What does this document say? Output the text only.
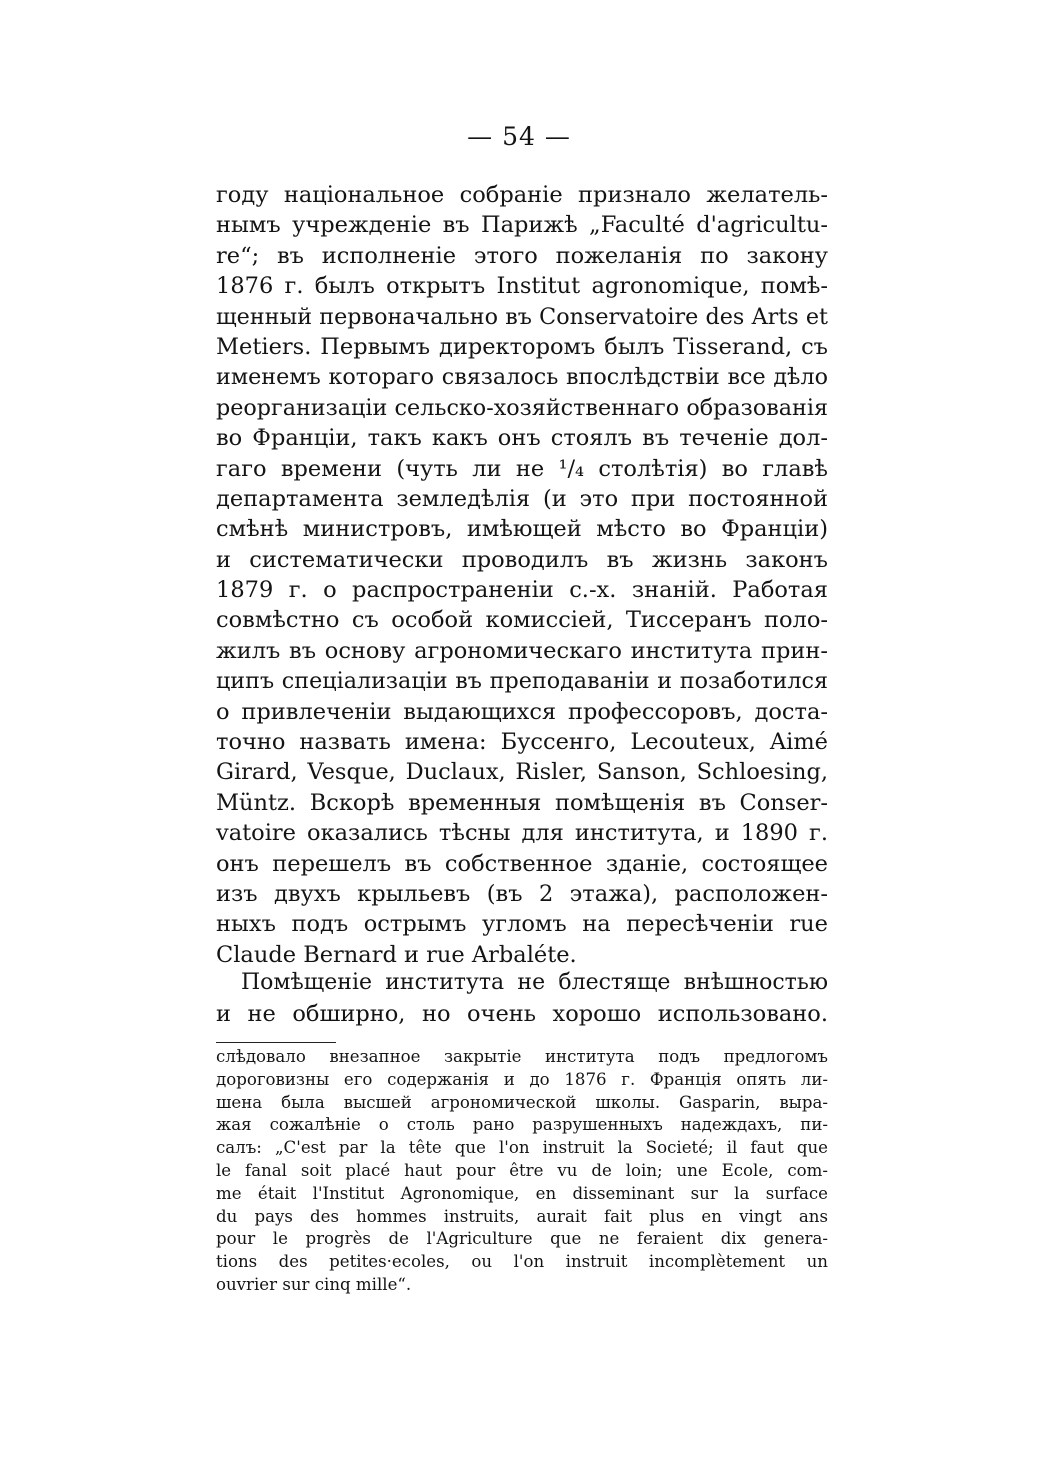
— 54 —
году національное собраніе признало желатель-
нымъ учрежденіе въ Парижѣ „Faculté d'agricultu-
re“; въ исполненіе этого пожеланія по закону
1876 г. былъ открытъ Institut agronomique, помѣ-
щенный первоначально въ Conservatoire des Arts et
Metiers. Первымъ директоромъ былъ Tisserand, съ
именемъ котораго связалось впослѣдствіи все дѣло
реорганизаціи сельско-хозяйственнаго образованія
во Франціи, такъ какъ онъ стоялъ въ теченіе дол-
гаго времени (чуть ли не ¹/₄ столѣтія) во главѣ
департамента земледѣлія (и это при постоянной
смѣнѣ министровъ, имѣющей мѣсто во Франціи)
и систематически проводилъ въ жизнь законъ
1879 г. о распространеніи с.-х. знаній. Работая
совмѣстно съ особой комиссіей, Тиссеранъ поло-
жилъ въ основу агрономическаго института прин-
ципъ спеціализаціи въ преподаваніи и позаботился
о привлеченіи выдающихся профессоровъ, доста-
точно назвать имена: Буссенго, Lecouteux, Aimé
Girard, Vesque, Duclaux, Risler, Sanson, Schloesing,
Müntz. Вскорѣ временныя помѣщенія въ Conser-
vatoire оказались тѣсны для института, и 1890 г.
онъ перешелъ въ собственное зданіе, состоящее
изъ двухъ крыльевъ (въ 2 этажа), расположен-
ныхъ подъ острымъ угломъ на пересѣченіи rue
Claude Bernard и rue Arbaléte.
Помѣщеніе института не блестяще внѣшностью
и не обширно, но очень хорошо использовано.
слѣдовало внезапное закрытіе института подъ предлогомъ
дороговизны его содержанія и до 1876 г. Франція опять ли-
шена была высшей агрономической школы. Gasparin, выра-
жая сожалѣніе о столь рано разрушенныхъ надеждахъ, пи-
салъ: „C'est par la tête que l'on instruit la Societé; il faut que
le fanal soit placé haut pour être vu de loin; une Ecole, com-
me était l'Institut Agronomique, en disseminant sur la surface
du pays des hommes instruits, aurait fait plus en vingt ans
pour le progrès de l'Agriculture que ne feraient dix genera-
tions des petites·ecoles, ou l'on instruit incomplètement un
ouvrier sur cinq mille“.
